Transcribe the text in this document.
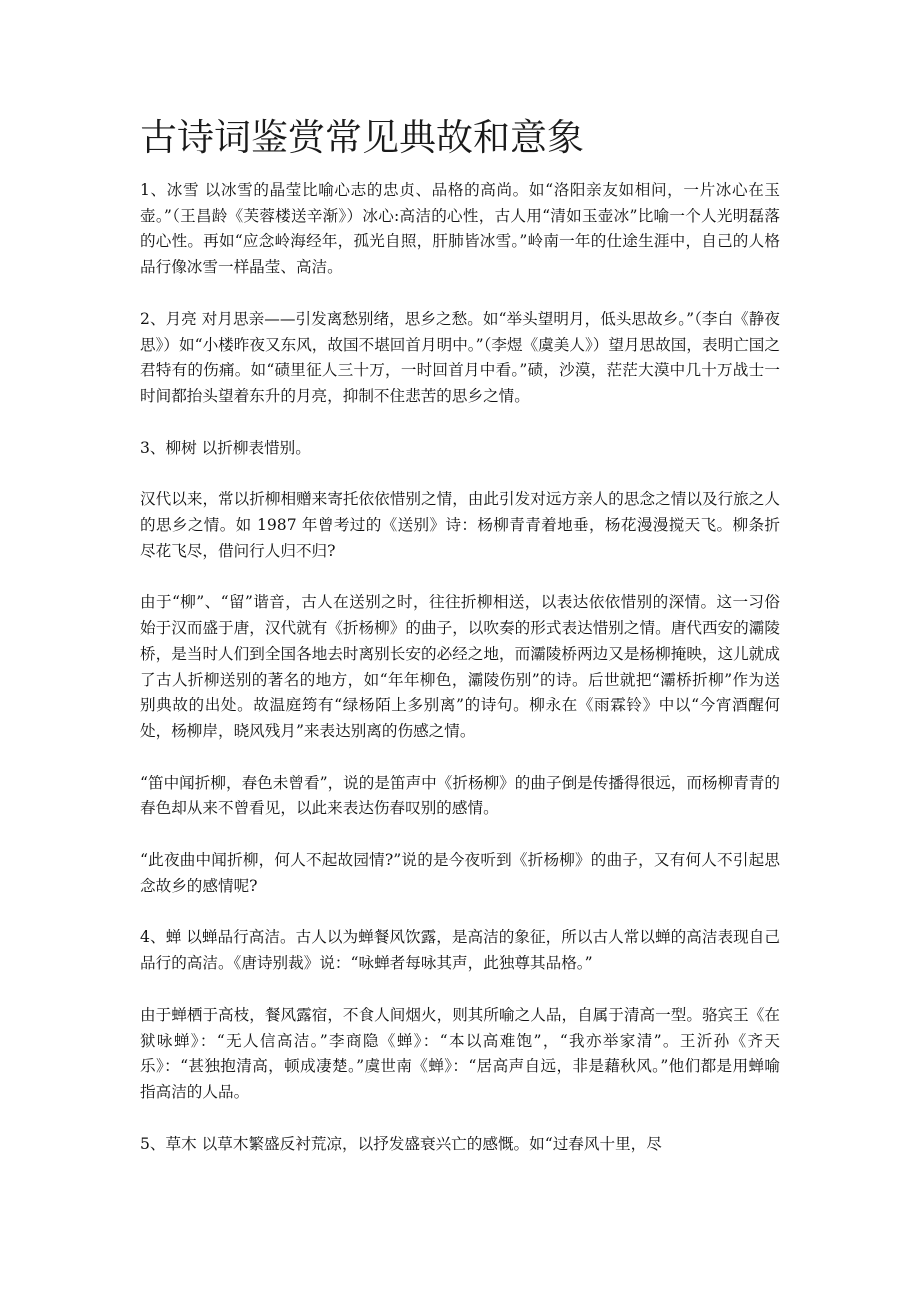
古诗词鉴赏常见典故和意象

1、冰雪 以冰雪的晶莹比喻心志的忠贞、品格的高尚。如“洛阳亲友如相问，一片冰心在玉壶。”（王昌龄《芙蓉楼送辛渐》）冰心:高洁的心性，古人用“清如玉壶冰”比喻一个人光明磊落的心性。再如“应念岭海经年，孤光自照，肝肺皆冰雪。”岭南一年的仕途生涯中，自己的人格品行像冰雪一样晶莹、高洁。

2、月亮 对月思亲——引发离愁别绪，思乡之愁。如“举头望明月，低头思故乡。”（李白《静夜思》）如“小楼昨夜又东风，故国不堪回首月明中。”（李煜《虞美人》）望月思故国，表明亡国之君特有的伤痛。如“碛里征人三十万，一时回首月中看。”碛，沙漠，茫茫大漠中几十万战士一时间都抬头望着东升的月亮，抑制不住悲苦的思乡之情。

3、柳树 以折柳表惜别。

汉代以来，常以折柳相赠来寄托依依惜别之情，由此引发对远方亲人的思念之情以及行旅之人的思乡之情。如 1987 年曾考过的《送别》诗：杨柳青青着地垂，杨花漫漫搅天飞。柳条折尽花飞尽，借问行人归不归?

由于“柳”、“留”谐音，古人在送别之时，往往折柳相送，以表达依依惜别的深情。这一习俗始于汉而盛于唐，汉代就有《折杨柳》的曲子，以吹奏的形式表达惜别之情。唐代西安的灞陵桥，是当时人们到全国各地去时离别长安的必经之地，而灞陵桥两边又是杨柳掩映，这儿就成了古人折柳送别的著名的地方，如“年年柳色，灞陵伤别”的诗。后世就把“灞桥折柳”作为送别典故的出处。故温庭筠有“绿杨陌上多别离”的诗句。柳永在《雨霖铃》中以“今宵酒醒何处，杨柳岸，晓风残月”来表达别离的伤感之情。

“笛中闻折柳，春色未曾看”，说的是笛声中《折杨柳》的曲子倒是传播得很远，而杨柳青青的春色却从来不曾看见，以此来表达伤春叹别的感情。

“此夜曲中闻折柳，何人不起故园情?”说的是今夜听到《折杨柳》的曲子，又有何人不引起思念故乡的感情呢?

4、蝉 以蝉品行高洁。古人以为蝉餐风饮露，是高洁的象征，所以古人常以蝉的高洁表现自己品行的高洁。《唐诗别裁》说：“咏蝉者每咏其声，此独尊其品格。”

由于蝉栖于高枝，餐风露宿，不食人间烟火，则其所喻之人品，自属于清高一型。骆宾王《在狱咏蝉》：“无人信高洁。”李商隐《蝉》：“本以高难饱”，“我亦举家清”。王沂孙《齐天乐》：“甚独抱清高，顿成凄楚。”虞世南《蝉》：“居高声自远，非是藉秋风。”他们都是用蝉喻指高洁的人品。

5、草木 以草木繁盛反衬荒凉，以抒发盛衰兴亡的感慨。如“过春风十里，尽
